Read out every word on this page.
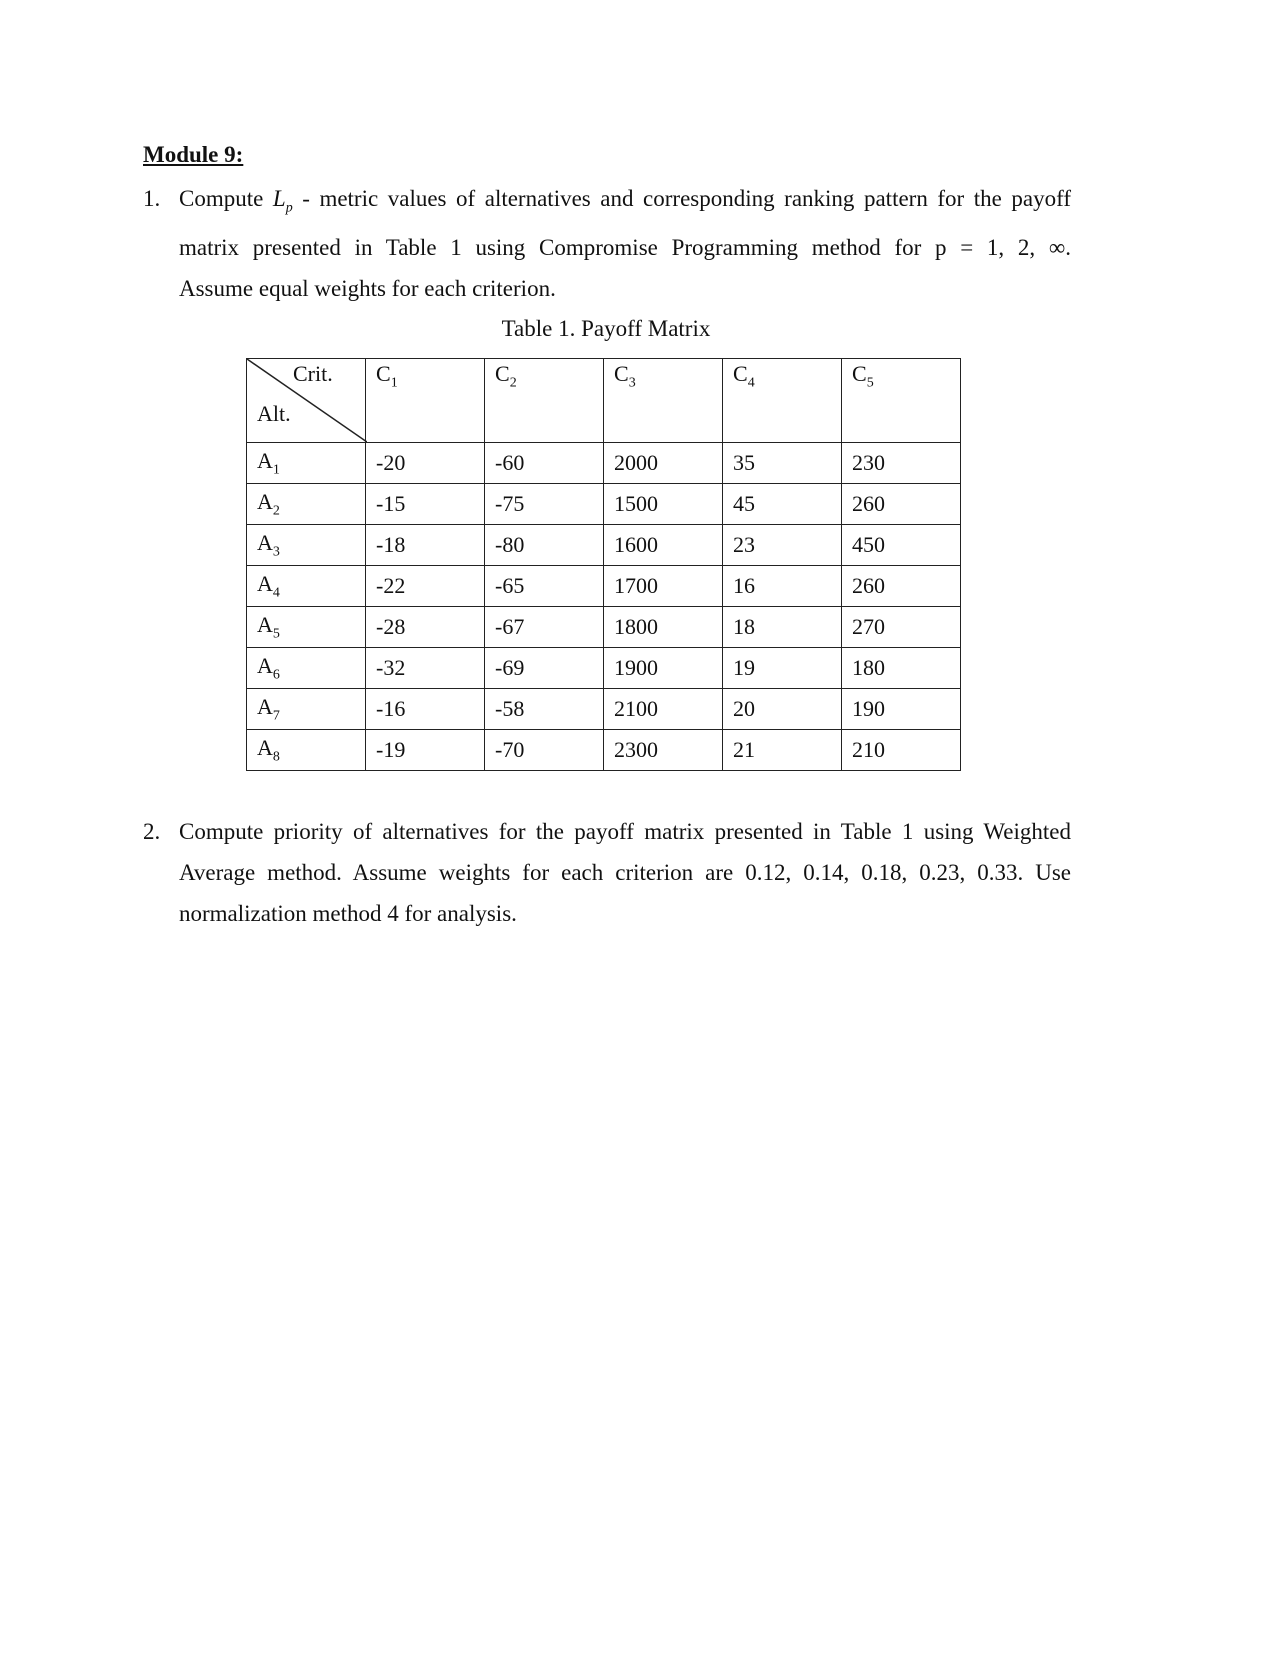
Module 9:
1. Compute $L_p$ - metric values of alternatives and corresponding ranking pattern for the payoff
matrix presented in Table 1 using Compromise Programming method for p = 1, 2, ∞.
Assume equal weights for each criterion.
Table 1. Payoff Matrix
Crit.
Alt.	$C_1$	$C_2$	$C_3$	$C_4$	$C_5$
$A_1$	-20	-60	2000	35	230
$A_2$	-15	-75	1500	45	260
$A_3$	-18	-80	1600	23	450
$A_4$	-22	-65	1700	16	260
$A_5$	-28	-67	1800	18	270
$A_6$	-32	-69	1900	19	180
$A_7$	-16	-58	2100	20	190
$A_8$	-19	-70	2300	21	210
2. Compute priority of alternatives for the payoff matrix presented in Table 1 using Weighted
Average method. Assume weights for each criterion are 0.12, 0.14, 0.18, 0.23, 0.33. Use
normalization method 4 for analysis.
